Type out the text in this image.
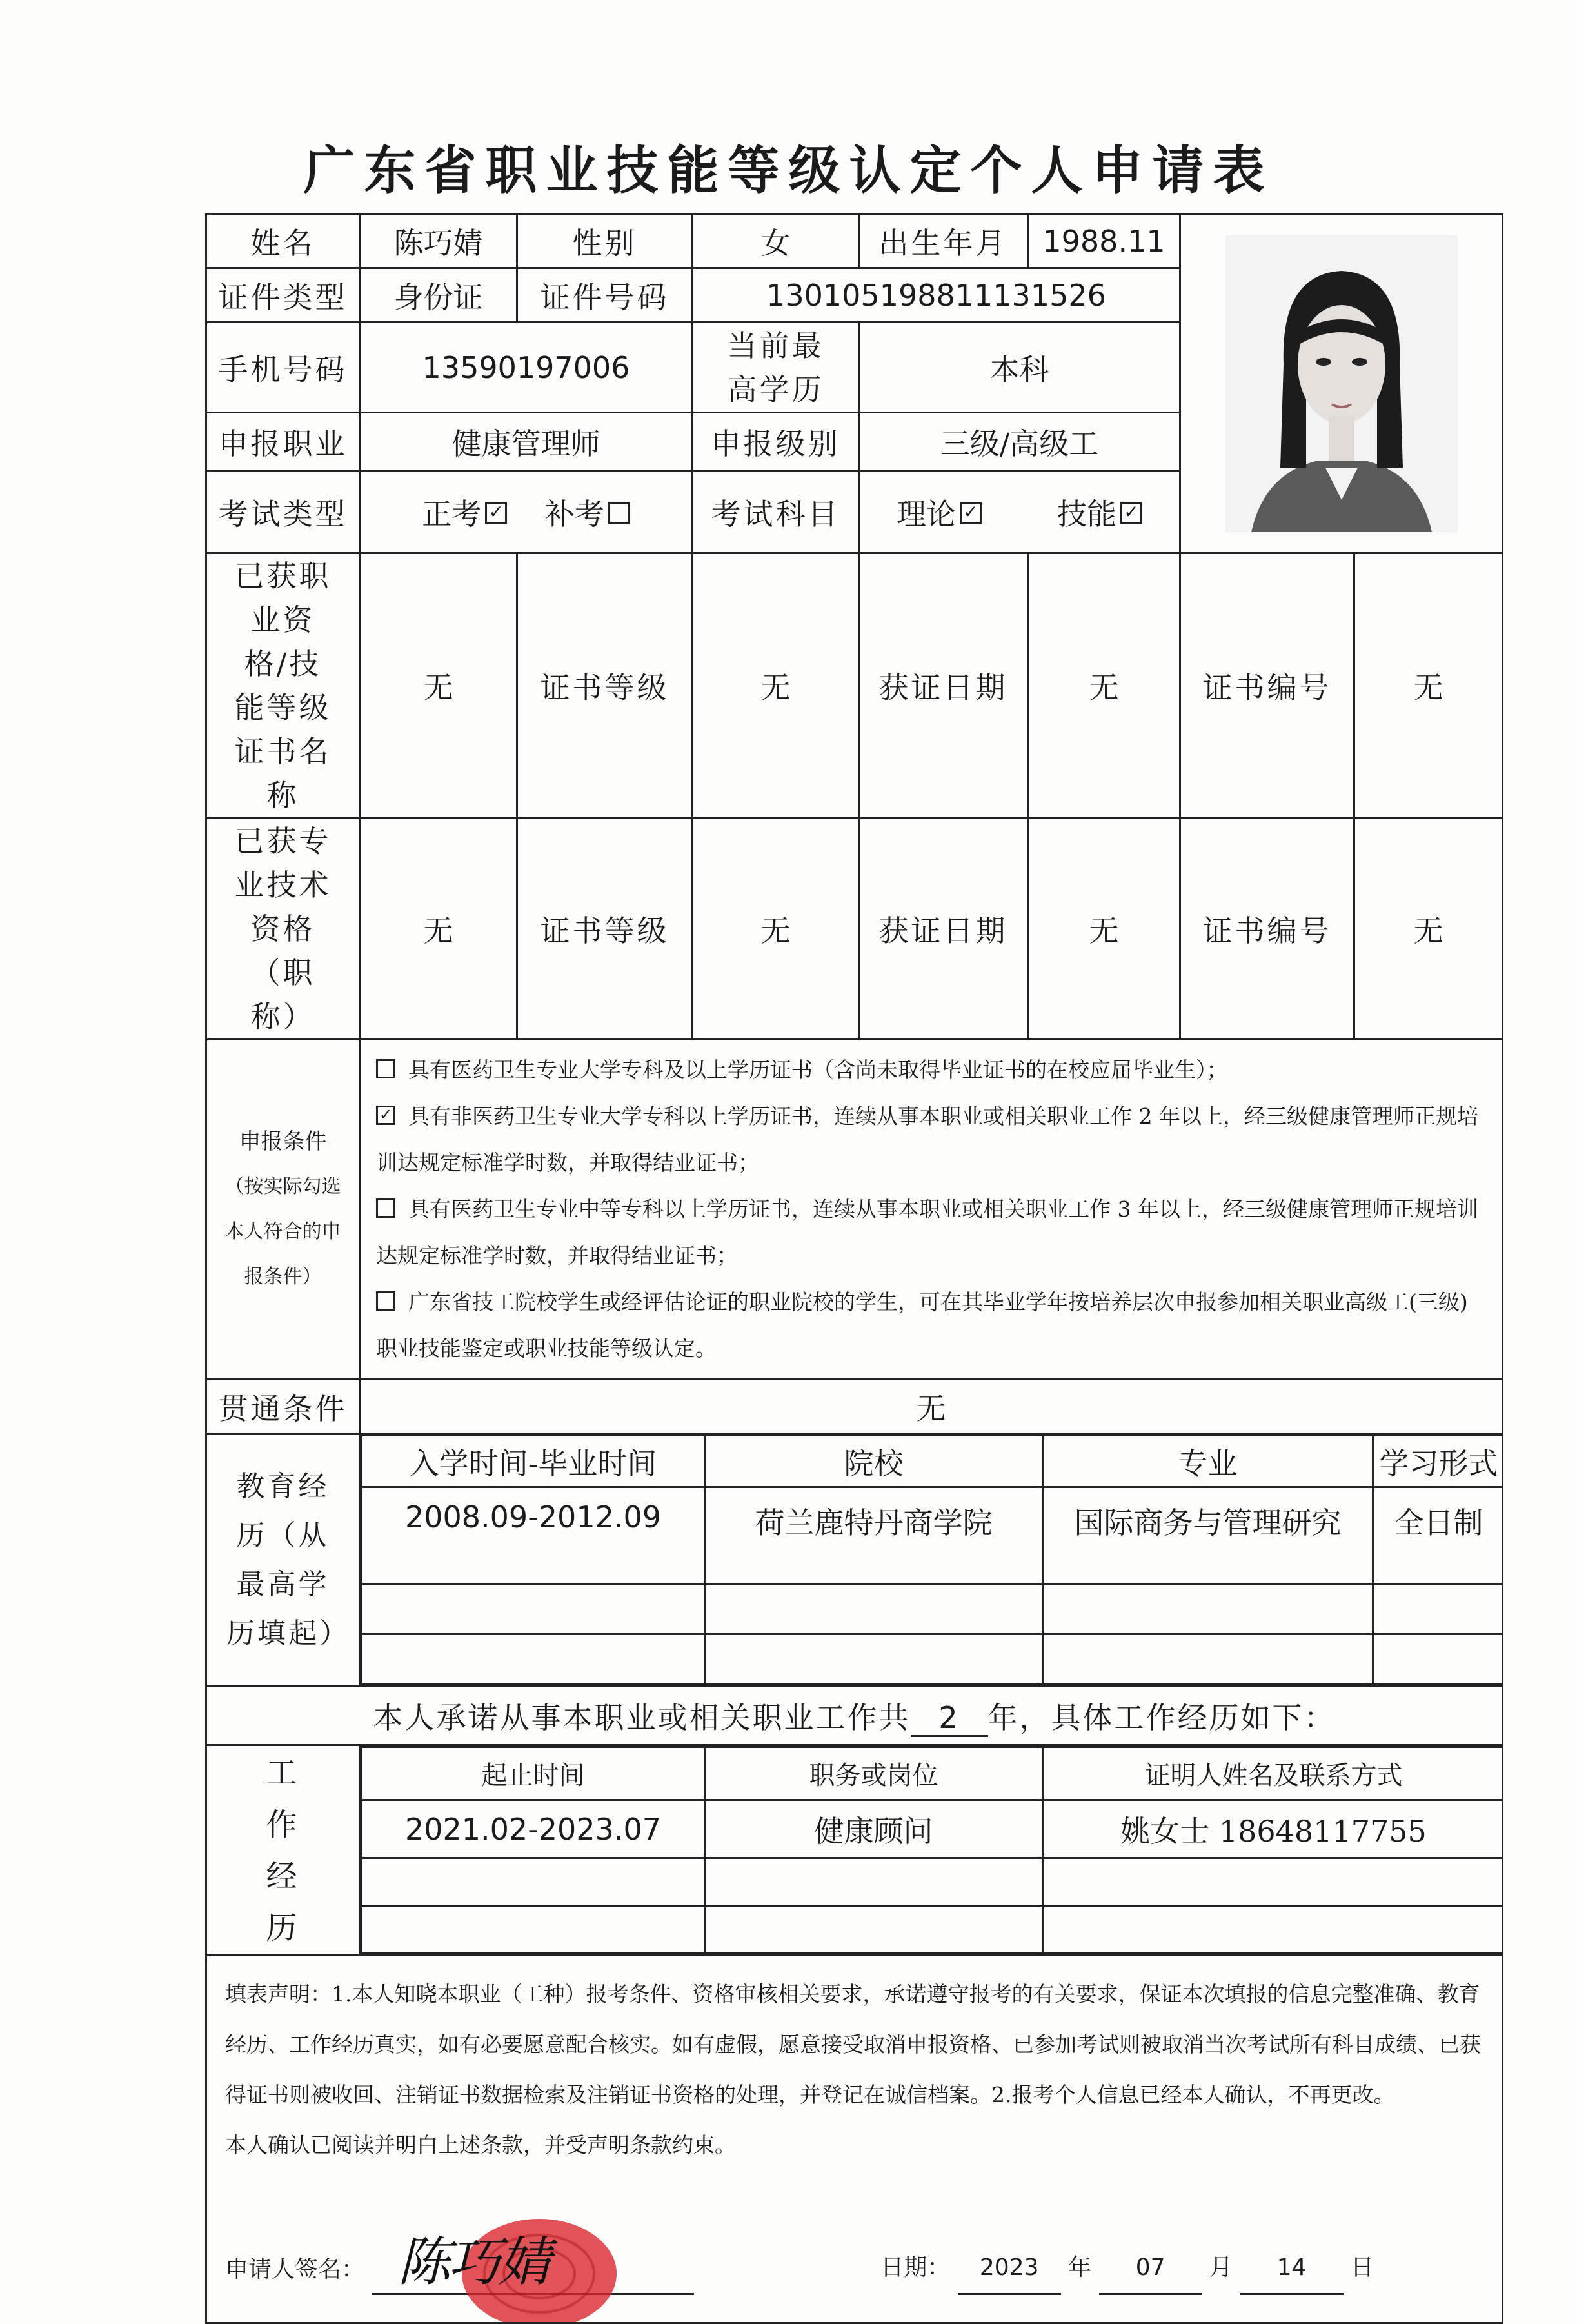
广东省职业技能等级认定个人申请表
姓名	陈巧婧	性别	女	出生年月	1988.11	

证件类型	身份证	证件号码	130105198811131526
手机号码	13590197006	当前最高学历	本科
申报职业	健康管理师	申报级别	三级/高级工
考试类型	正考 ✓ 补考	考试科目	理论 ✓	技能 ✓
已获职业资格/技能等级证书名称	无	证书等级	无	获证日期	无	证书编号	无
已获专业技术资格（职称）	无	证书等级	无	获证日期	无	证书编号	无

申报条件
（按实际勾选本人符合的申报条件）

具有医药卫生专业大学专科及以上学历证书（含尚未取得毕业证书的在校应届毕业生）；
✓ 具有非医药卫生专业大学专科以上学历证书，连续从事本职业或相关职业工作 2 年以上，经三级健康管理师正规培训达规定标准学时数，并取得结业证书；
具有医药卫生专业中等专科以上学历证书，连续从事本职业或相关职业工作 3 年以上，经三级健康管理师正规培训达规定标准学时数，并取得结业证书；
广东省技工院校学生或经评估论证的职业院校的学生，可在其毕业学年按培养层次申报参加相关职业高级工(三级)职业技能鉴定或职业技能等级认定。

贯通条件	无
教育经历（从最高学历填起）	
入学时间-毕业时间	院校	专业	学习形式
2008.09-2012.09	荷兰鹿特丹商学院	国际商务与管理研究	全日制

本人承诺从事本职业或相关职业工作共 2 年，具体工作经历如下：
工作经历	
起止时间	职务或岗位	证明人姓名及联系方式
2021.02-2023.07	健康顾问	姚女士 18648117755

填表声明：1.本人知晓本职业（工种）报考条件、资格审核相关要求，承诺遵守报考的有关要求，保证本次填报的信息完整准确、教育经历、工作经历真实，如有必要愿意配合核实。如有虚假，愿意接受取消申报资格、已参加考试则被取消当次考试所有科目成绩、已获得证书则被收回、注销证书数据检索及注销证书资格的处理，并登记在诚信档案。2.报考个人信息已经本人确认，不再更改。
本人确认已阅读并明白上述条款，并受声明条款约束。
申请人签名： 陈巧婧	日期： 2023 年 07 月 14 日
